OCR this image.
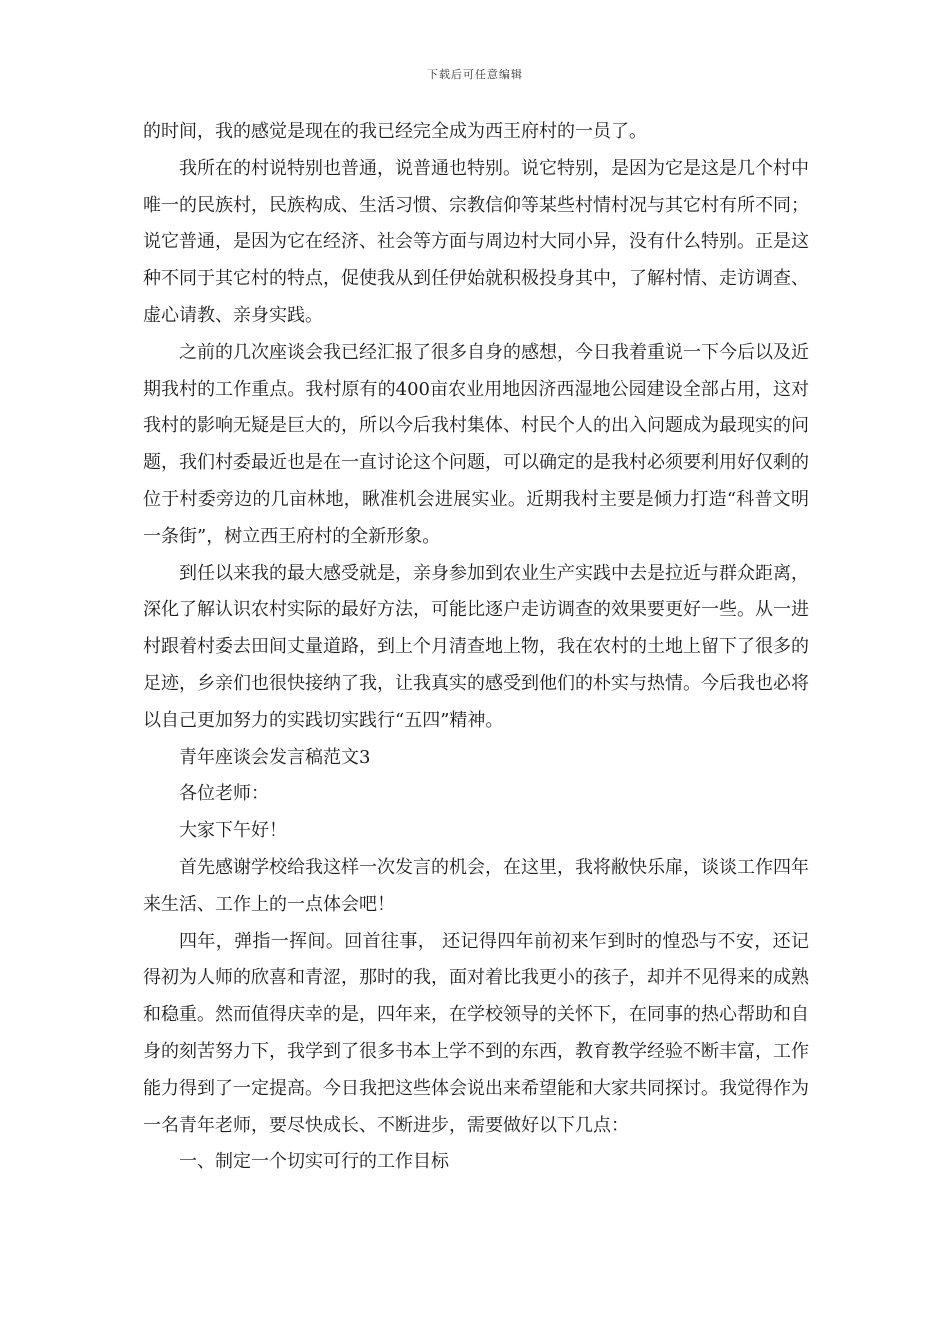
下载后可任意编辑

的时间，我的感觉是现在的我已经完全成为西王府村的一员了。

我所在的村说特别也普通，说普通也特别。说它特别，是因为它是这是几个村中唯一的民族村，民族构成、生活习惯、宗教信仰等某些村情村况与其它村有所不同；说它普通，是因为它在经济、社会等方面与周边村大同小异，没有什么特别。正是这种不同于其它村的特点，促使我从到任伊始就积极投身其中，了解村情、走访调查、虚心请教、亲身实践。

之前的几次座谈会我已经汇报了很多自身的感想，今日我着重说一下今后以及近期我村的工作重点。我村原有的400亩农业用地因济西湿地公园建设全部占用，这对我村的影响无疑是巨大的，所以今后我村集体、村民个人的出入问题成为最现实的问题，我们村委最近也是在一直讨论这个问题，可以确定的是我村必须要利用好仅剩的位于村委旁边的几亩林地，瞅准机会进展实业。近期我村主要是倾力打造“科普文明一条街”，树立西王府村的全新形象。

到任以来我的最大感受就是，亲身参加到农业生产实践中去是拉近与群众距离，深化了解认识农村实际的最好方法，可能比逐户走访调查的效果要更好一些。从一进村跟着村委去田间丈量道路，到上个月清查地上物，我在农村的土地上留下了很多的足迹，乡亲们也很快接纳了我，让我真实的感受到他们的朴实与热情。今后我也必将以自己更加努力的实践切实践行“五四”精神。

青年座谈会发言稿范文3

各位老师：

大家下午好！

首先感谢学校给我这样一次发言的机会，在这里，我将敝快乐扉，谈谈工作四年来生活、工作上的一点体会吧！

四年，弹指一挥间。回首往事， 还记得四年前初来乍到时的惶恐与不安，还记得初为人师的欣喜和青涩，那时的我，面对着比我更小的孩子，却并不见得来的成熟和稳重。然而值得庆幸的是，四年来，在学校领导的关怀下，在同事的热心帮助和自身的刻苦努力下，我学到了很多书本上学不到的东西，教育教学经验不断丰富，工作能力得到了一定提高。今日我把这些体会说出来希望能和大家共同探讨。我觉得作为一名青年老师，要尽快成长、不断进步，需要做好以下几点：

一、制定一个切实可行的工作目标
